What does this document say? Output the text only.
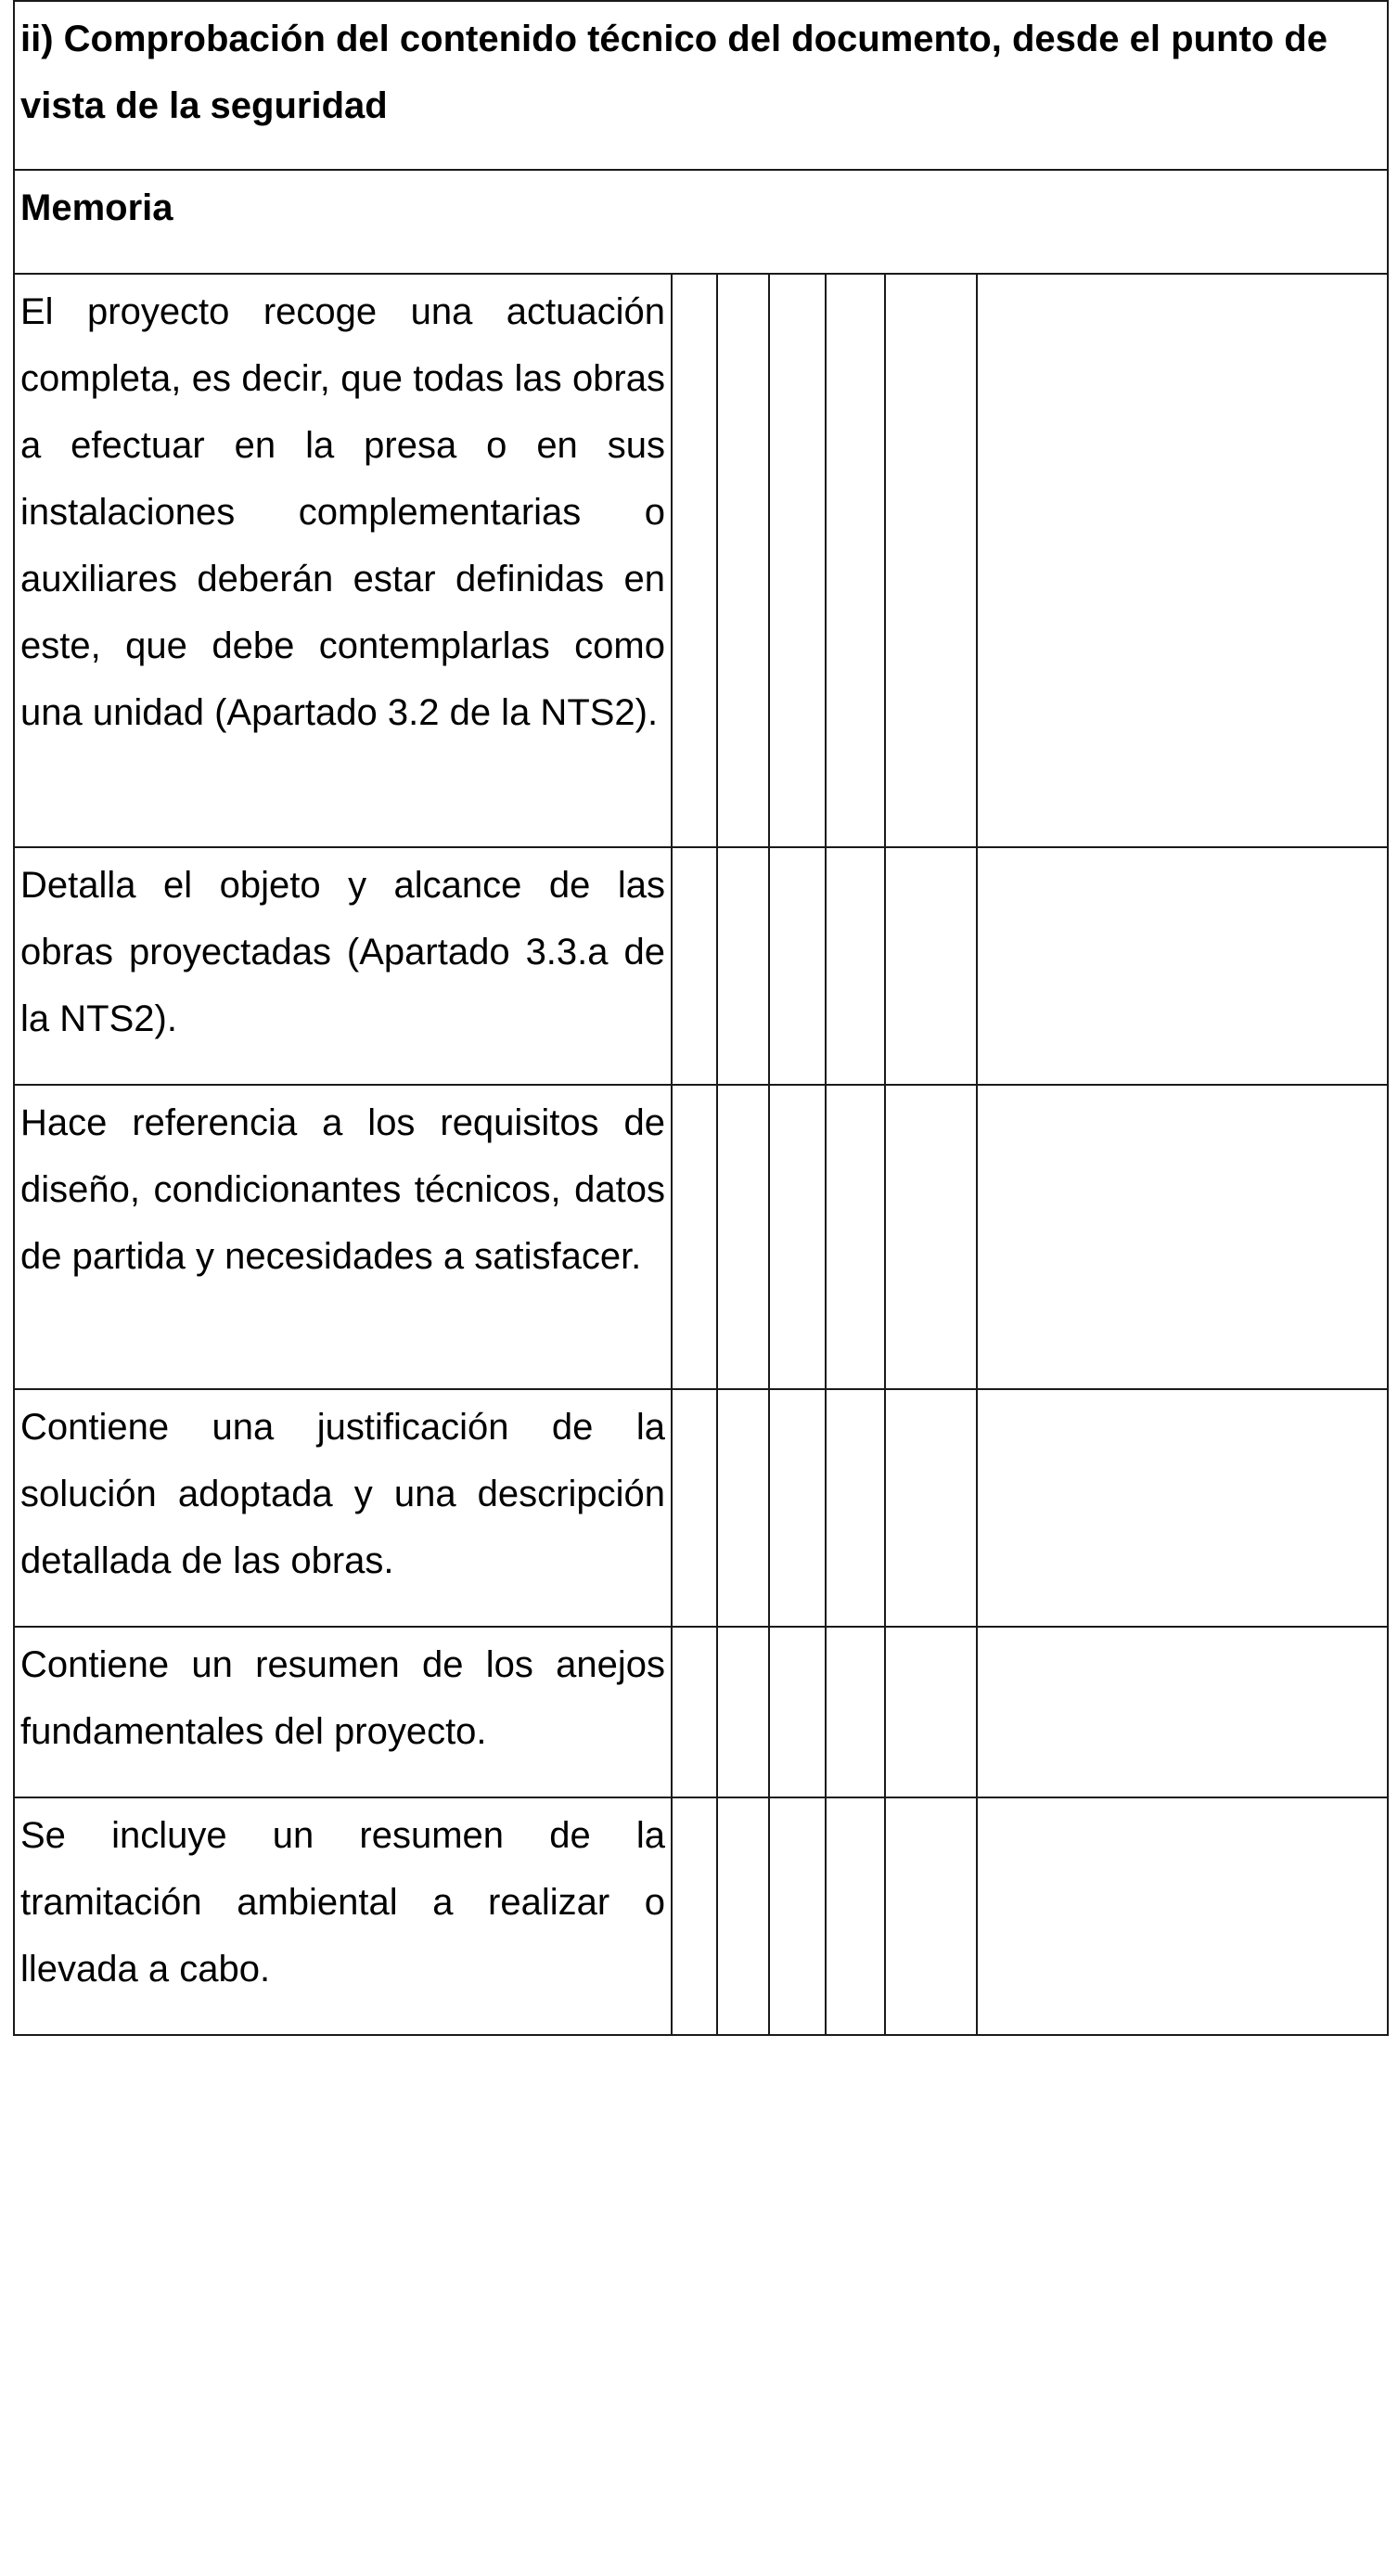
ii) Comprobación del contenido técnico del documento, desde el punto de vista de la seguridad						
Memoria						
El proyecto recoge una actuación completa, es decir, que todas las obras a efectuar en la presa o en sus instalaciones complementarias o auxiliares deberán estar definidas en este, que debe contemplarlas como una unidad (Apartado 3.2 de la NTS2).						
Detalla el objeto y alcance de las obras proyectadas (Apartado 3.3.a de la NTS2).						
Hace referencia a los requisitos de diseño, condicionantes técnicos, datos de partida y necesidades a satisfacer.						
Contiene una justificación de la solución adoptada y una descripción detallada de las obras.						
Contiene un resumen de los anejos fundamentales del proyecto.						
Se incluye un resumen de la tramitación ambiental a realizar o llevada a cabo.						
